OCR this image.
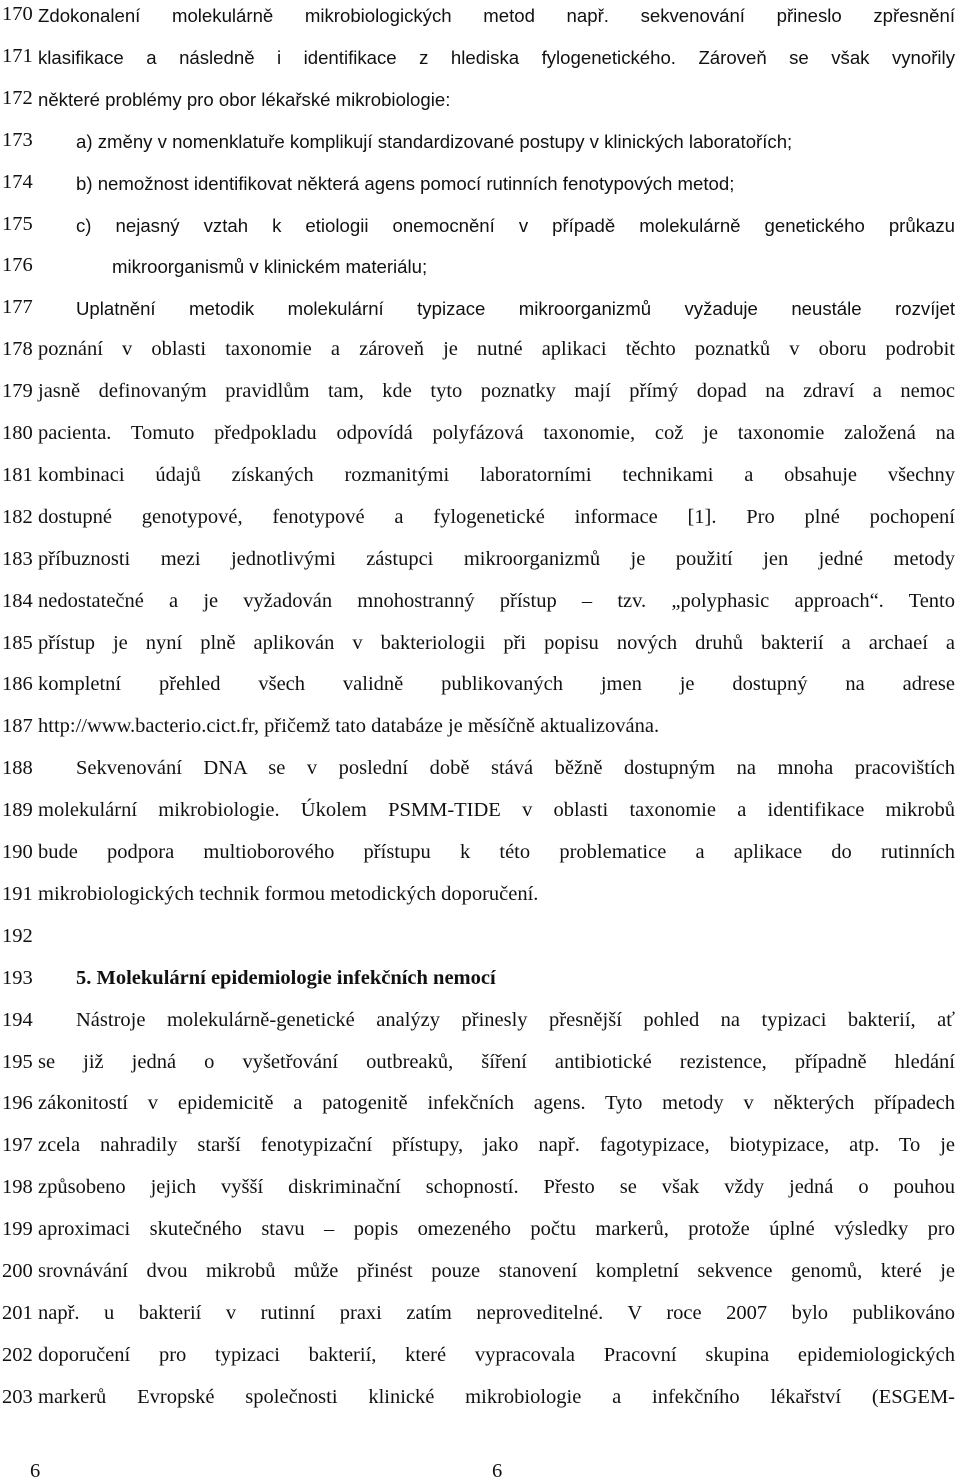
170 Zdokonalení molekulárně mikrobiologických metod např. sekvenování přineslo zpřesnění
171 klasifikace a následně i identifikace z hlediska fylogenetického. Zároveň se však vynořily
172 některé problémy pro obor lékařské mikrobiologie:
173 a) změny v nomenklatuře komplikují standardizované postupy v klinických laboratořích;
174 b) nemožnost identifikovat některá agens pomocí rutinních fenotypových metod;
175 c) nejasný vztah k etiologii onemocnění v případě molekulárně genetického průkazu
176	mikroorganismů v klinickém materiálu;
177 Uplatnění metodik molekulární typizace mikroorganizmů vyžaduje neustále rozvíjet
178 poznání v oblasti taxonomie a zároveň je nutné aplikaci těchto poznatků v oboru podrobit
179 jasně definovaným pravidlům tam, kde tyto poznatky mají přímý dopad na zdraví a nemoc
180 pacienta. Tomuto předpokladu odpovídá polyfázová taxonomie, což je taxonomie založená na
181 kombinaci údajů získaných rozmanitými laboratorními technikami a obsahuje všechny
182 dostupné genotypové, fenotypové a fylogenetické informace [1]. Pro plné pochopení
183 příbuznosti mezi jednotlivými zástupci mikroorganizmů je použití jen jedné metody
184 nedostatečné a je vyžadován mnohostranný přístup – tzv. „polyphasic approach“. Tento
185 přístup je nyní plně aplikován v bakteriologii při popisu nových druhů bakterií a archaeí a
186 kompletní přehled všech validně publikovaných jmen je dostupný na adrese
187 http://www.bacterio.cict.fr, přičemž tato databáze je měsíčně aktualizována.
188 Sekvenování DNA se v poslední době stává běžně dostupným na mnoha pracovištích
189 molekulární mikrobiologie. Úkolem PSMM-TIDE v oblasti taxonomie a identifikace mikrobů
190 bude podpora multioborového přístupu k této problematice a aplikace do rutinních
191 mikrobiologických technik formou metodických doporučení.
192
193 5. Molekulární epidemiologie infekčních nemocí
194 Nástroje molekulárně-genetické analýzy přinesly přesnější pohled na typizaci bakterií, ať
195 se již jedná o vyšetřování outbreaků, šíření antibiotické rezistence, případně hledání
196 zákonitostí v epidemicitě a patogenitě infekčních agens. Tyto metody v některých případech
197 zcela nahradily starší fenotypizační přístupy, jako např. fagotypizace, biotypizace, atp. To je
198 způsobeno jejich vyšší diskriminační schopností. Přesto se však vždy jedná o pouhou
199 aproximaci skutečného stavu – popis omezeného počtu markerů, protože úplné výsledky pro
200 srovnávání dvou mikrobů může přinést pouze stanovení kompletní sekvence genomů, které je
201 např. u bakterií v rutinní praxi zatím neproveditelné. V roce 2007 bylo publikováno
202 doporučení pro typizaci bakterií, které vypracovala Pracovní skupina epidemiologických
203 markerů Evropské společnosti klinické mikrobiologie a infekčního lékařství (ESGEM-
6	6
